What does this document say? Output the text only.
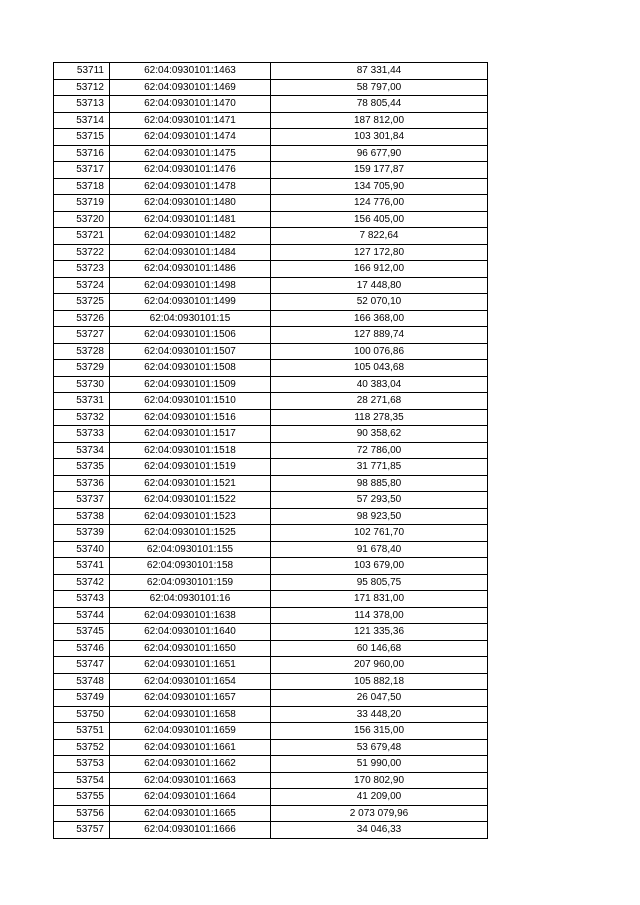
53711	62:04:0930101:1463	87 331,44
53712	62:04:0930101:1469	58 797,00
53713	62:04:0930101:1470	78 805,44
53714	62:04:0930101:1471	187 812,00
53715	62:04:0930101:1474	103 301,84
53716	62:04:0930101:1475	96 677,90
53717	62:04:0930101:1476	159 177,87
53718	62:04:0930101:1478	134 705,90
53719	62:04:0930101:1480	124 776,00
53720	62:04:0930101:1481	156 405,00
53721	62:04:0930101:1482	7 822,64
53722	62:04:0930101:1484	127 172,80
53723	62:04:0930101:1486	166 912,00
53724	62:04:0930101:1498	17 448,80
53725	62:04:0930101:1499	52 070,10
53726	62:04:0930101:15	166 368,00
53727	62:04:0930101:1506	127 889,74
53728	62:04:0930101:1507	100 076,86
53729	62:04:0930101:1508	105 043,68
53730	62:04:0930101:1509	40 383,04
53731	62:04:0930101:1510	28 271,68
53732	62:04:0930101:1516	118 278,35
53733	62:04:0930101:1517	90 358,62
53734	62:04:0930101:1518	72 786,00
53735	62:04:0930101:1519	31 771,85
53736	62:04:0930101:1521	98 885,80
53737	62:04:0930101:1522	57 293,50
53738	62:04:0930101:1523	98 923,50
53739	62:04:0930101:1525	102 761,70
53740	62:04:0930101:155	91 678,40
53741	62:04:0930101:158	103 679,00
53742	62:04:0930101:159	95 805,75
53743	62:04:0930101:16	171 831,00
53744	62:04:0930101:1638	114 378,00
53745	62:04:0930101:1640	121 335,36
53746	62:04:0930101:1650	60 146,68
53747	62:04:0930101:1651	207 960,00
53748	62:04:0930101:1654	105 882,18
53749	62:04:0930101:1657	26 047,50
53750	62:04:0930101:1658	33 448,20
53751	62:04:0930101:1659	156 315,00
53752	62:04:0930101:1661	53 679,48
53753	62:04:0930101:1662	51 990,00
53754	62:04:0930101:1663	170 802,90
53755	62:04:0930101:1664	41 209,00
53756	62:04:0930101:1665	2 073 079,96
53757	62:04:0930101:1666	34 046,33
